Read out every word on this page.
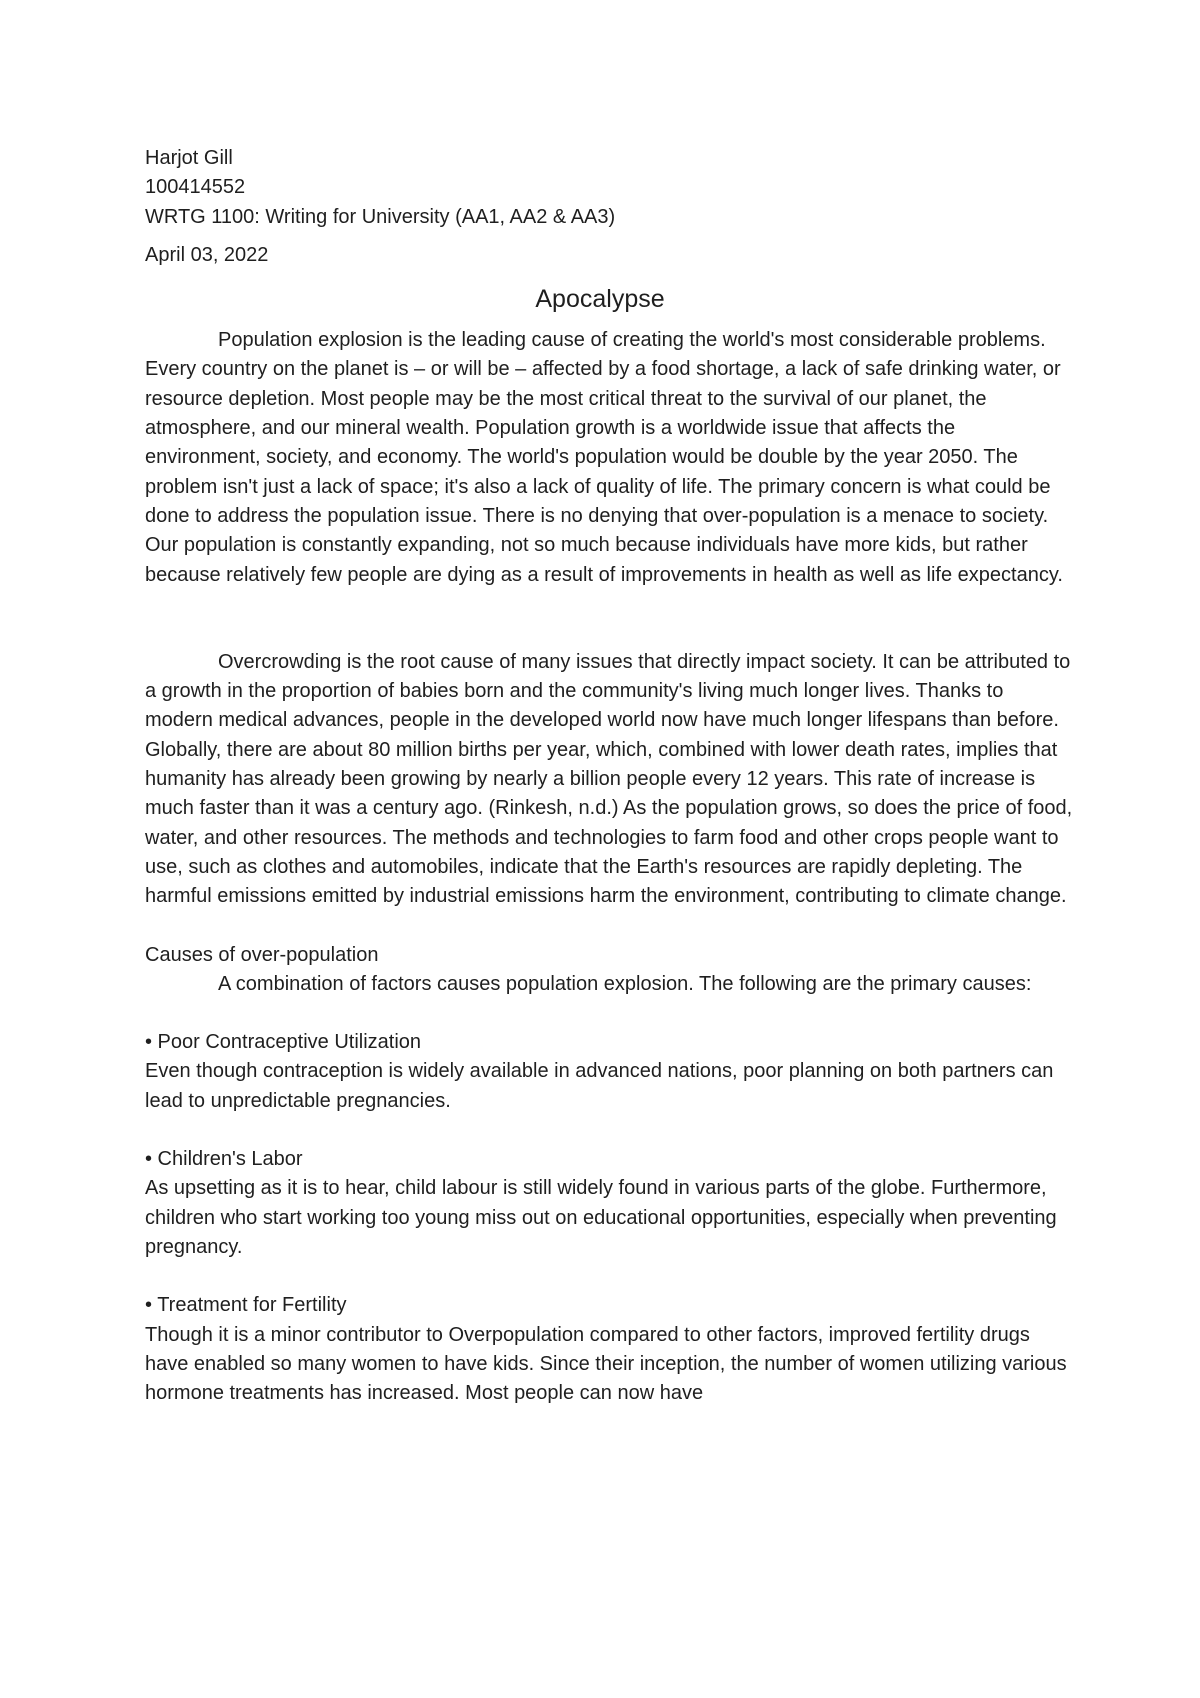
Harjot Gill

100414552

WRTG 1100: Writing for University (AA1, AA2 & AA3)

April 03, 2022

Apocalypse

Population explosion is the leading cause of creating the world's most considerable problems. Every country on the planet is – or will be – affected by a food shortage, a lack of safe drinking water, or resource depletion. Most people may be the most critical threat to the survival of our planet, the atmosphere, and our mineral wealth. Population growth is a worldwide issue that affects the environment, society, and economy. The world's population would be double by the year 2050. The problem isn't just a lack of space; it's also a lack of quality of life. The primary concern is what could be done to address the population issue. There is no denying that over-population is a menace to society. Our population is constantly expanding, not so much because individuals have more kids, but rather because relatively few people are dying as a result of improvements in health as well as life expectancy.

Overcrowding is the root cause of many issues that directly impact society. It can be attributed to a growth in the proportion of babies born and the community's living much longer lives. Thanks to modern medical advances, people in the developed world now have much longer lifespans than before. Globally, there are about 80 million births per year, which, combined with lower death rates, implies that humanity has already been growing by nearly a billion people every 12 years. This rate of increase is much faster than it was a century ago. (Rinkesh, n.d.) As the population grows, so does the price of food, water, and other resources. The methods and technologies to farm food and other crops people want to use, such as clothes and automobiles, indicate that the Earth's resources are rapidly depleting. The harmful emissions emitted by industrial emissions harm the environment, contributing to climate change.

Causes of over-population

A combination of factors causes population explosion. The following are the primary causes:

• Poor Contraceptive Utilization

Even though contraception is widely available in advanced nations, poor planning on both partners can lead to unpredictable pregnancies.

• Children's Labor

As upsetting as it is to hear, child labour is still widely found in various parts of the globe. Furthermore, children who start working too young miss out on educational opportunities, especially when preventing pregnancy.

• Treatment for Fertility

Though it is a minor contributor to Overpopulation compared to other factors, improved fertility drugs have enabled so many women to have kids. Since their inception, the number of women utilizing various hormone treatments has increased. Most people can now have
